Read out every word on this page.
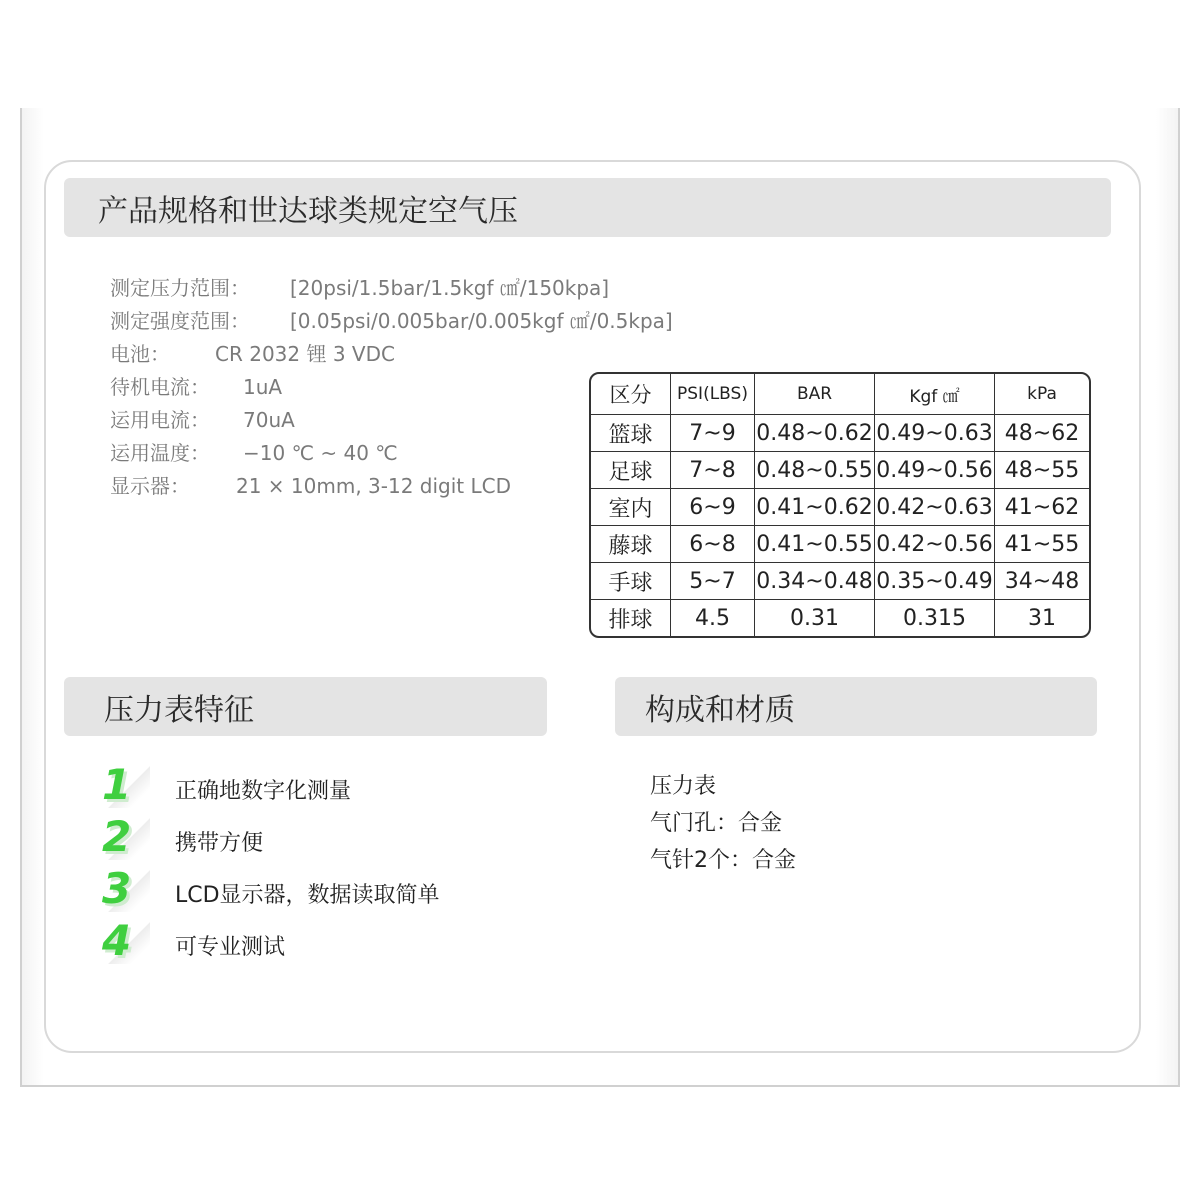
产品规格和世达球类规定空气压
测定压力范围：	[20psi/1.5bar/1.5kgf ㎠/150kpa]
测定强度范围：	[0.05psi/0.005bar/0.005kgf ㎠/0.5kpa]
电池：	CR 2032 锂 3 VDC
待机电流：	1uA
运用电流：	70uA
运用温度：	−10 ℃ ~ 40 ℃
显示器：	21 × 10mm, 3-12 digit LCD
区分	PSI(LBS)	BAR	Kgf ㎠	kPa
篮球	7~9	0.48~0.62	0.49~0.63	48~62
足球	7~8	0.48~0.55	0.49~0.56	48~55
室内	6~9	0.41~0.62	0.42~0.63	41~62
藤球	6~8	0.41~0.55	0.42~0.56	41~55
手球	5~7	0.34~0.48	0.35~0.49	34~48
排球	4.5	0.31	0.315	31
压力表特征	构成和材质
1	正确地数字化测量
2	携带方便
3	LCD显示器，数据读取简单
4	可专业测试
压力表
气门孔：合金
气针2个：合金
